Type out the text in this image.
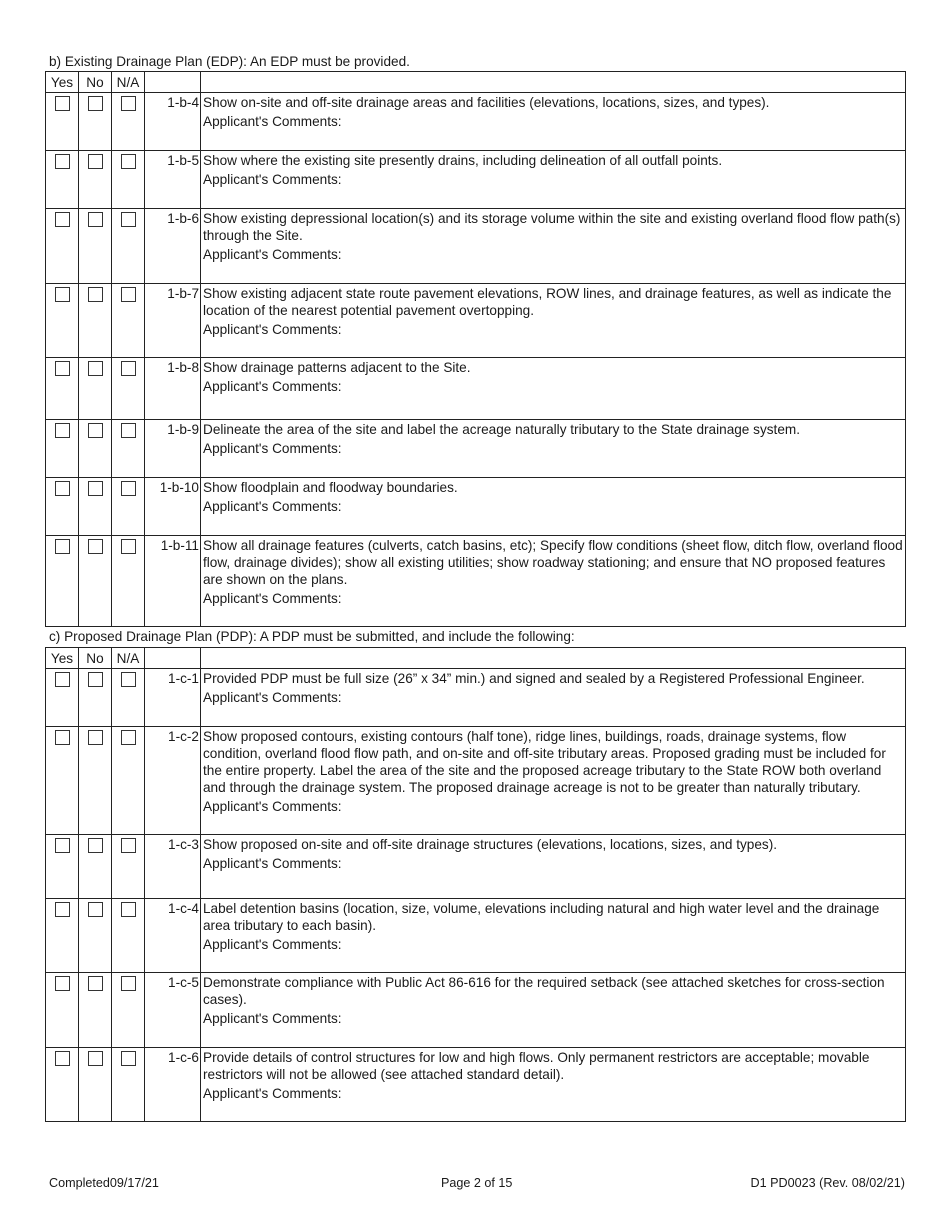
b) Existing Drainage Plan (EDP): An EDP must be provided.
Yes	No	N/A		
			1-b-4	Show on-site and off-site drainage areas and facilities (elevations, locations, sizes, and types).
Applicant's Comments:

			1-b-5	Show where the existing site presently drains, including delineation of all outfall points.
Applicant's Comments:

			1-b-6	Show existing depressional location(s) and its storage volume within the site and existing overland flood flow path(s) through the Site.
Applicant's Comments:

			1-b-7	Show existing adjacent state route pavement elevations, ROW lines, and drainage features, as well as indicate the location of the nearest potential pavement overtopping.
Applicant's Comments:

			1-b-8	Show drainage patterns adjacent to the Site.
Applicant's Comments:

			1-b-9	Delineate the area of the site and label the acreage naturally tributary to the State drainage system.
Applicant's Comments:

			1-b-10	Show floodplain and floodway boundaries.
Applicant's Comments:

			1-b-11	Show all drainage features (culverts, catch basins, etc); Specify flow conditions (sheet flow, ditch flow, overland flood flow, drainage divides); show all existing utilities; show roadway stationing; and ensure that NO proposed features are shown on the plans.
Applicant's Comments:
c) Proposed Drainage Plan (PDP): A PDP must be submitted, and include the following:
Yes	No	N/A		
			1-c-1	Provided PDP must be full size (26” x 34” min.) and signed and sealed by a Registered Professional Engineer.
Applicant's Comments:

			1-c-2	Show proposed contours, existing contours (half tone), ridge lines, buildings, roads, drainage systems, flow condition, overland flood flow path, and on-site and off-site tributary areas. Proposed grading must be included for the entire property. Label the area of the site and the proposed acreage tributary to the State ROW both overland and through the drainage system. The proposed drainage acreage is not to be greater than naturally tributary.
Applicant's Comments:

			1-c-3	Show proposed on-site and off-site drainage structures (elevations, locations, sizes, and types).
Applicant's Comments:

			1-c-4	Label detention basins (location, size, volume, elevations including natural and high water level and the drainage area tributary to each basin).
Applicant's Comments:

			1-c-5	Demonstrate compliance with Public Act 86-616 for the required setback (see attached sketches for cross-section cases).
Applicant's Comments:

			1-c-6	Provide details of control structures for low and high flows. Only permanent restrictors are acceptable; movable restrictors will not be allowed (see attached standard detail).
Applicant's Comments:
Completed09/17/21	Page 2 of 15	D1 PD0023 (Rev. 08/02/21)
